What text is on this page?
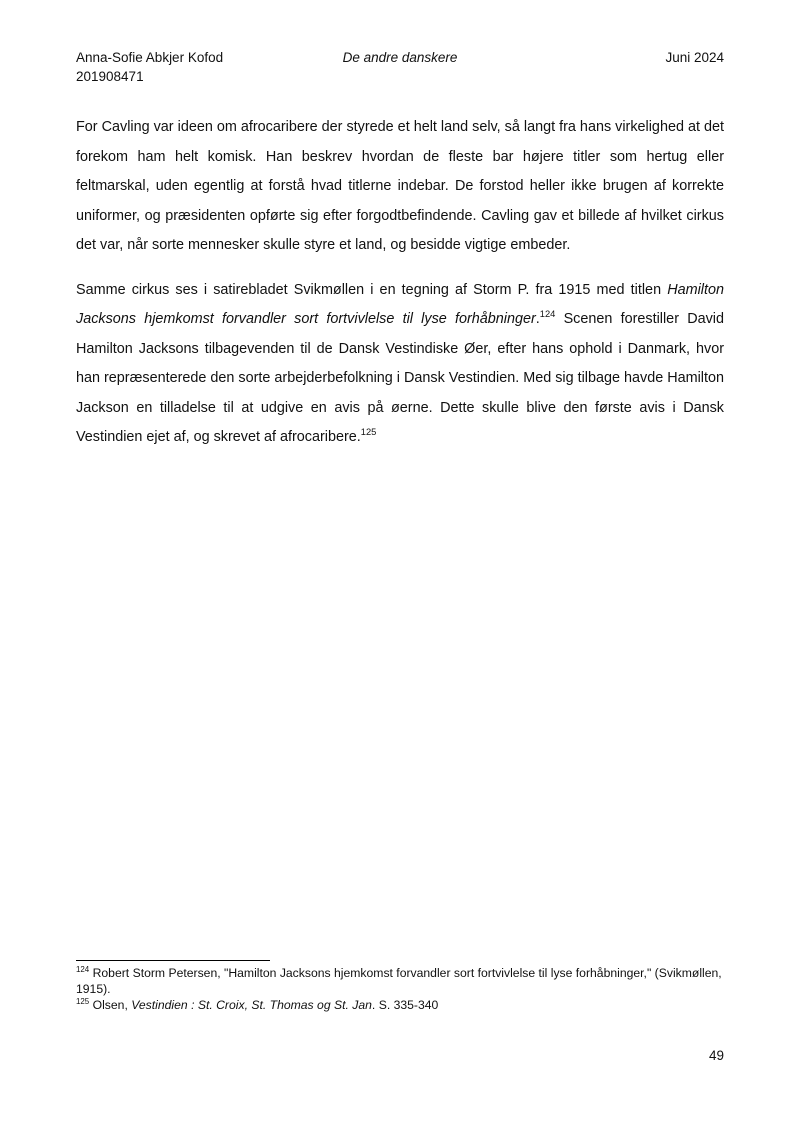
Anna-Sofie Abkjer Kofod
201908471
De andre danskere	Juni 2024

For Cavling var ideen om afrocaribere der styrede et helt land selv, så langt fra hans virkelighed at det forekom ham helt komisk. Han beskrev hvordan de fleste bar højere titler som hertug eller feltmarskal, uden egentlig at forstå hvad titlerne indebar. De forstod heller ikke brugen af korrekte uniformer, og præsidenten opførte sig efter forgodtbefindende. Cavling gav et billede af hvilket cirkus det var, når sorte mennesker skulle styre et land, og besidde vigtige embeder.

Samme cirkus ses i satirebladet Svikmøllen i en tegning af Storm P. fra 1915 med titlen Hamilton Jacksons hjemkomst forvandler sort fortvivlelse til lyse forhåbninger.$^{124}$ Scenen forestiller David Hamilton Jacksons tilbagevenden til de Dansk Vestindiske Øer, efter hans ophold i Danmark, hvor han repræsenterede den sorte arbejderbefolkning i Dansk Vestindien. Med sig tilbage havde Hamilton Jackson en tilladelse til at udgive en avis på øerne. Dette skulle blive den første avis i Dansk Vestindien ejet af, og skrevet af afrocaribere.$^{125}$

$^{124}$ Robert Storm Petersen, "Hamilton Jacksons hjemkomst forvandler sort fortvivlelse til lyse forhåbninger," (Svikmøllen, 1915).

$^{125}$ Olsen, Vestindien : St. Croix, St. Thomas og St. Jan. S. 335-340

49
